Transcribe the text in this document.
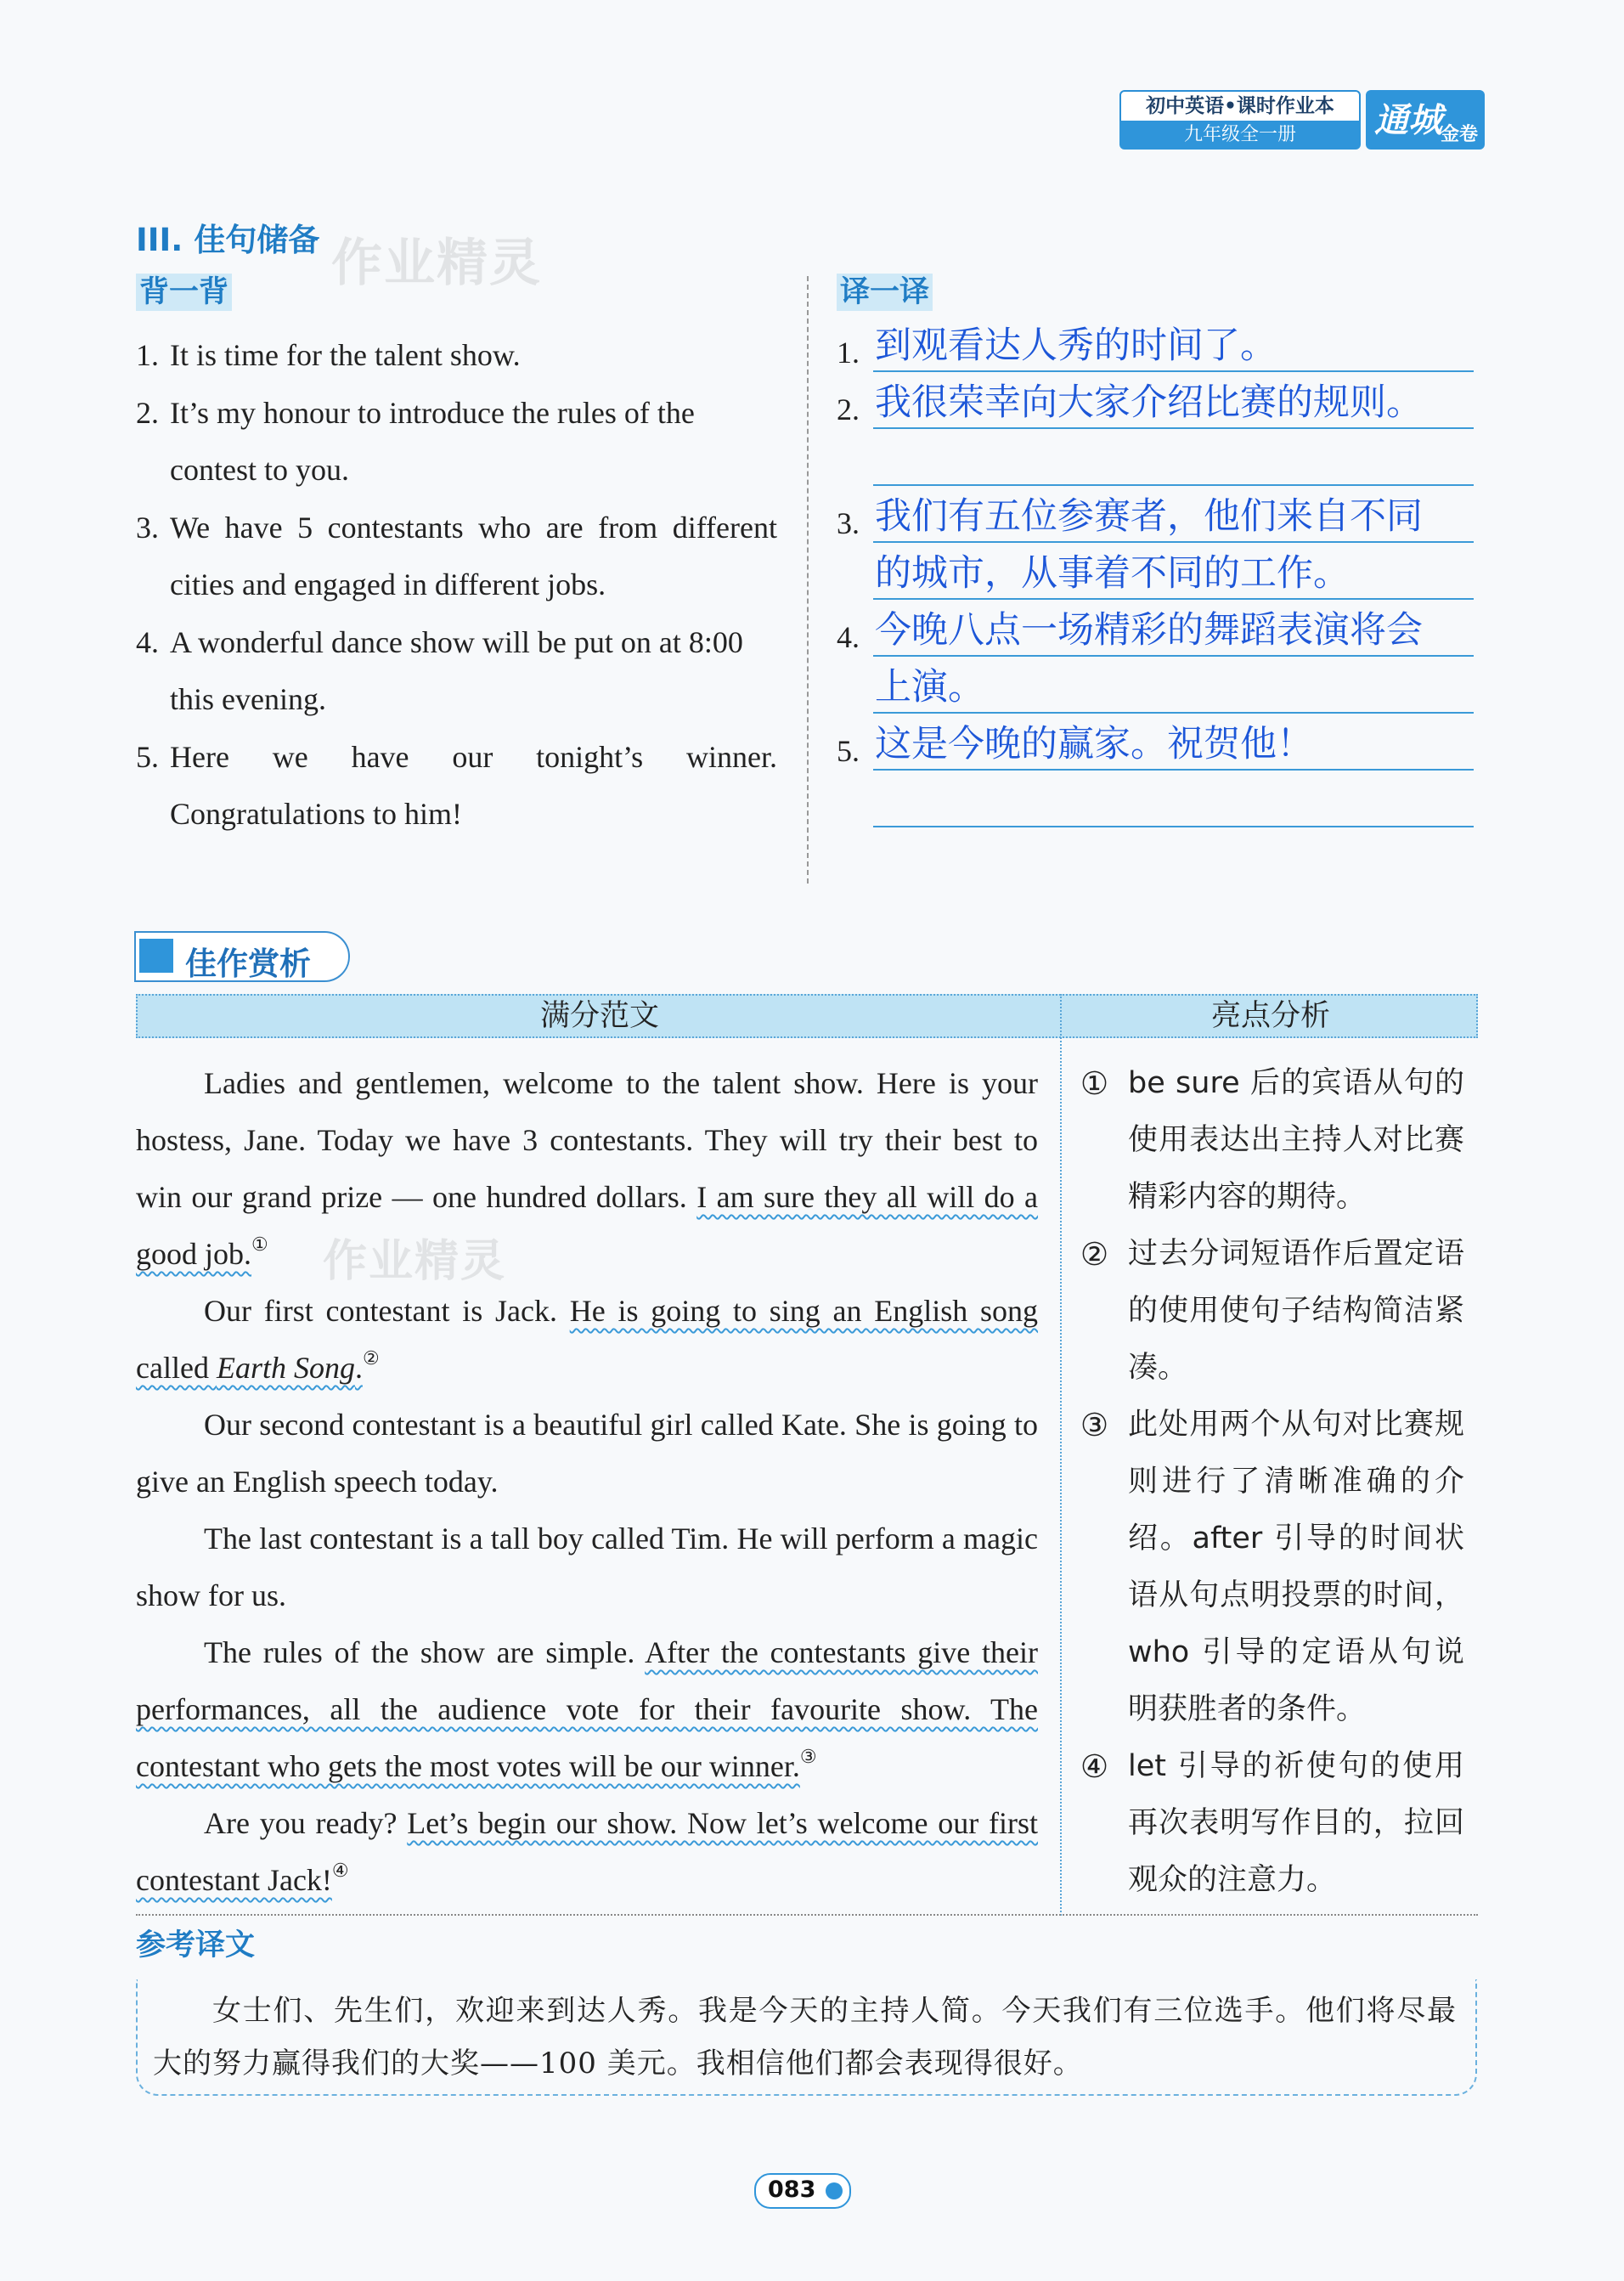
初中英语•课时作业本
九年级全一册	通城
金卷
III. 佳句储备 作业精灵
背一背	译一译
1. It is time for the talent show.
2. It’s my honour to introduce the rules of the contest to you.
3. We have 5 contestants who are from different cities and engaged in different jobs.
4. A wonderful dance show will be put on at 8:00 this evening.
5. Here we have our tonight’s winner. Congratulations to him!
1. 到观看达人秀的时间了。
2. 我很荣幸向大家介绍比赛的规则。
3. 我们有五位参赛者，他们来自不同
的城市，从事着不同的工作。
4. 今晚八点一场精彩的舞蹈表演将会
上演。
5. 这是今晚的赢家。祝贺他！
佳作赏析
满分范文	亮点分析

Ladies and gentlemen, welcome to the talent show. Here is your hostess, Jane. Today we have 3 contestants. They will try their best to win our grand prize — one hundred dollars. I am sure they all will do a good job.①

Our first contestant is Jack. He is going to sing an English song called Earth Song.②

Our second contestant is a beautiful girl called Kate. She is going to give an English speech today.

The last contestant is a tall boy called Tim. He will perform a magic show for us.

The rules of the show are simple. After the contestants give their performances, all the audience vote for their favourite show. The contestant who gets the most votes will be our winner.③

Are you ready? Let’s begin our show. Now let’s welcome our first contestant Jack!④

作业精灵
① be sure 后的宾语从句的使用表达出主持人对比赛精彩内容的期待。
② 过去分词短语作后置定语的使用使句子结构简洁紧凑。
③ 此处用两个从句对比赛规则进行了清晰准确的介绍。after 引导的时间状语从句点明投票的时间，who 引导的定语从句说明获胜者的条件。
④ let 引导的祈使句的使用再次表明写作目的，拉回观众的注意力。
参考译文
女士们、先生们，欢迎来到达人秀。我是今天的主持人简。今天我们有三位选手。他们将尽最大的努力赢得我们的大奖——100 美元。我相信他们都会表现得很好。
083
